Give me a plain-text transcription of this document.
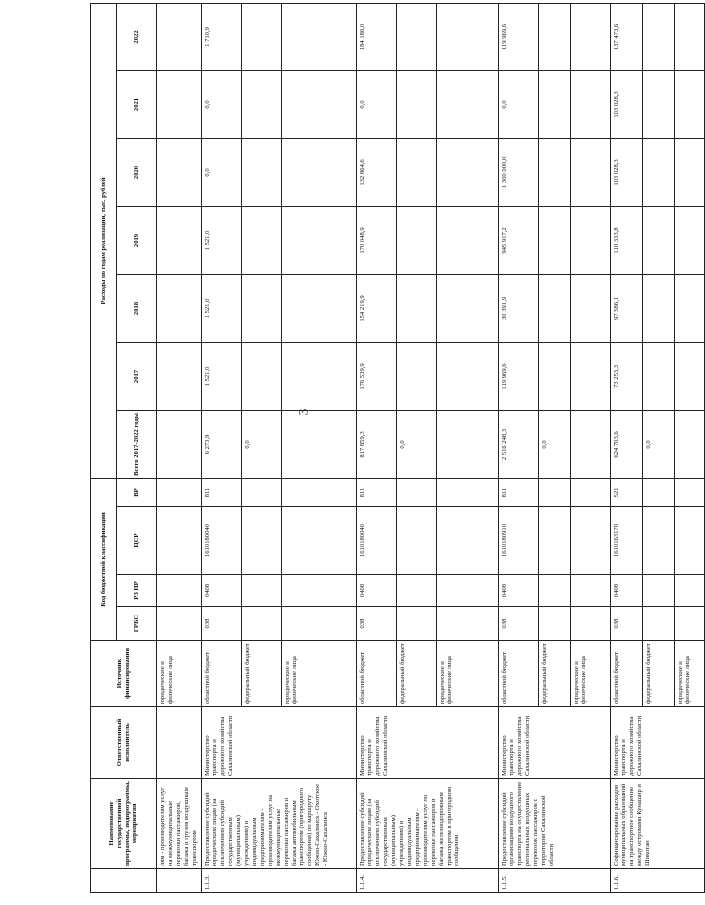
3
	Наименование государственной программы, подпрограммы, мероприятия	Ответственный исполнитель	Источник финансирования	Код бюджетной классификации				Расходы по годам реализации, тыс. рублей						
				ГРБС	РЗ ПР	ЦСР	ВР	Всего 2017-2022 годы	2017	2018	2019	2020	2021	2022
	лям - производителям услуг на межмуниципальные перевозки пассажиров, багажа и грузов воздушным транспортом		юридические и физические лица											
1.1.3.	Предоставление субсидий юридическим лицам (за исключением субсидий государственным (муниципальным) учреждениям) и индивидуальным предпринимателям - производителям услуг на межмуниципальные перевозки пассажиров и багажа автомобильным транспортом (пригородного сообщения) по маршруту Южно-Сахалинск - Охотское - Южно-Сахалинск	Министерство транспорта и дорожного хозяйства Сахалинской области	областной бюджет	038	0408	1610180040	811	6 273,9	1 521,0	1 521,0	1 521,0	0,0	0,0	1 710,9
			федеральный бюджет					0,0						
			юридические и физические лица											
1.1.4.	Предоставление субсидий юридическим лицам (за исключением субсидий государственным (муниципальным) учреждениям) и индивидуальным предпринимателям - производителям услуг по перевозке пассажиров и багажа железнодорожным транспортом в пригородном сообщении	Министерство транспорта и дорожного хозяйства Сахалинской области	областной бюджет	038	0408	1610180040	811	817 859,3	176 539,9	154 219,9	170 048,9	132 864,6	0,0	184 186,0
			федеральный бюджет					0,0						
			юридические и физические лица											
1.1.5.	Предоставление субсидий организациям воздушного транспорта на осуществление региональных воздушных перевозок пассажиров с территории Сахалинской области	Министерство транспорта и дорожного хозяйства Сахалинской области	областной бюджет	038	0408	1610180910	811	2 516 248,3	119 969,6	30 391,9	945 917,2	1 300 000,0	0,0	119 969,6
			федеральный бюджет					0,0						
			юридические и физические лица											
1.1.6.	Софинансирование расходов муниципальных образований на транспортное сообщение между островами Кунашир и Шикотан	Министерство транспорта и дорожного хозяйства Сахалинской области	областной бюджет	038	0408	1610163170	521	624 703,6	73 253,3	97 586,1	110 333,8	103 028,3	103 028,3	137 473,6
			федеральный бюджет					0,0						
			юридические и физические лица											
